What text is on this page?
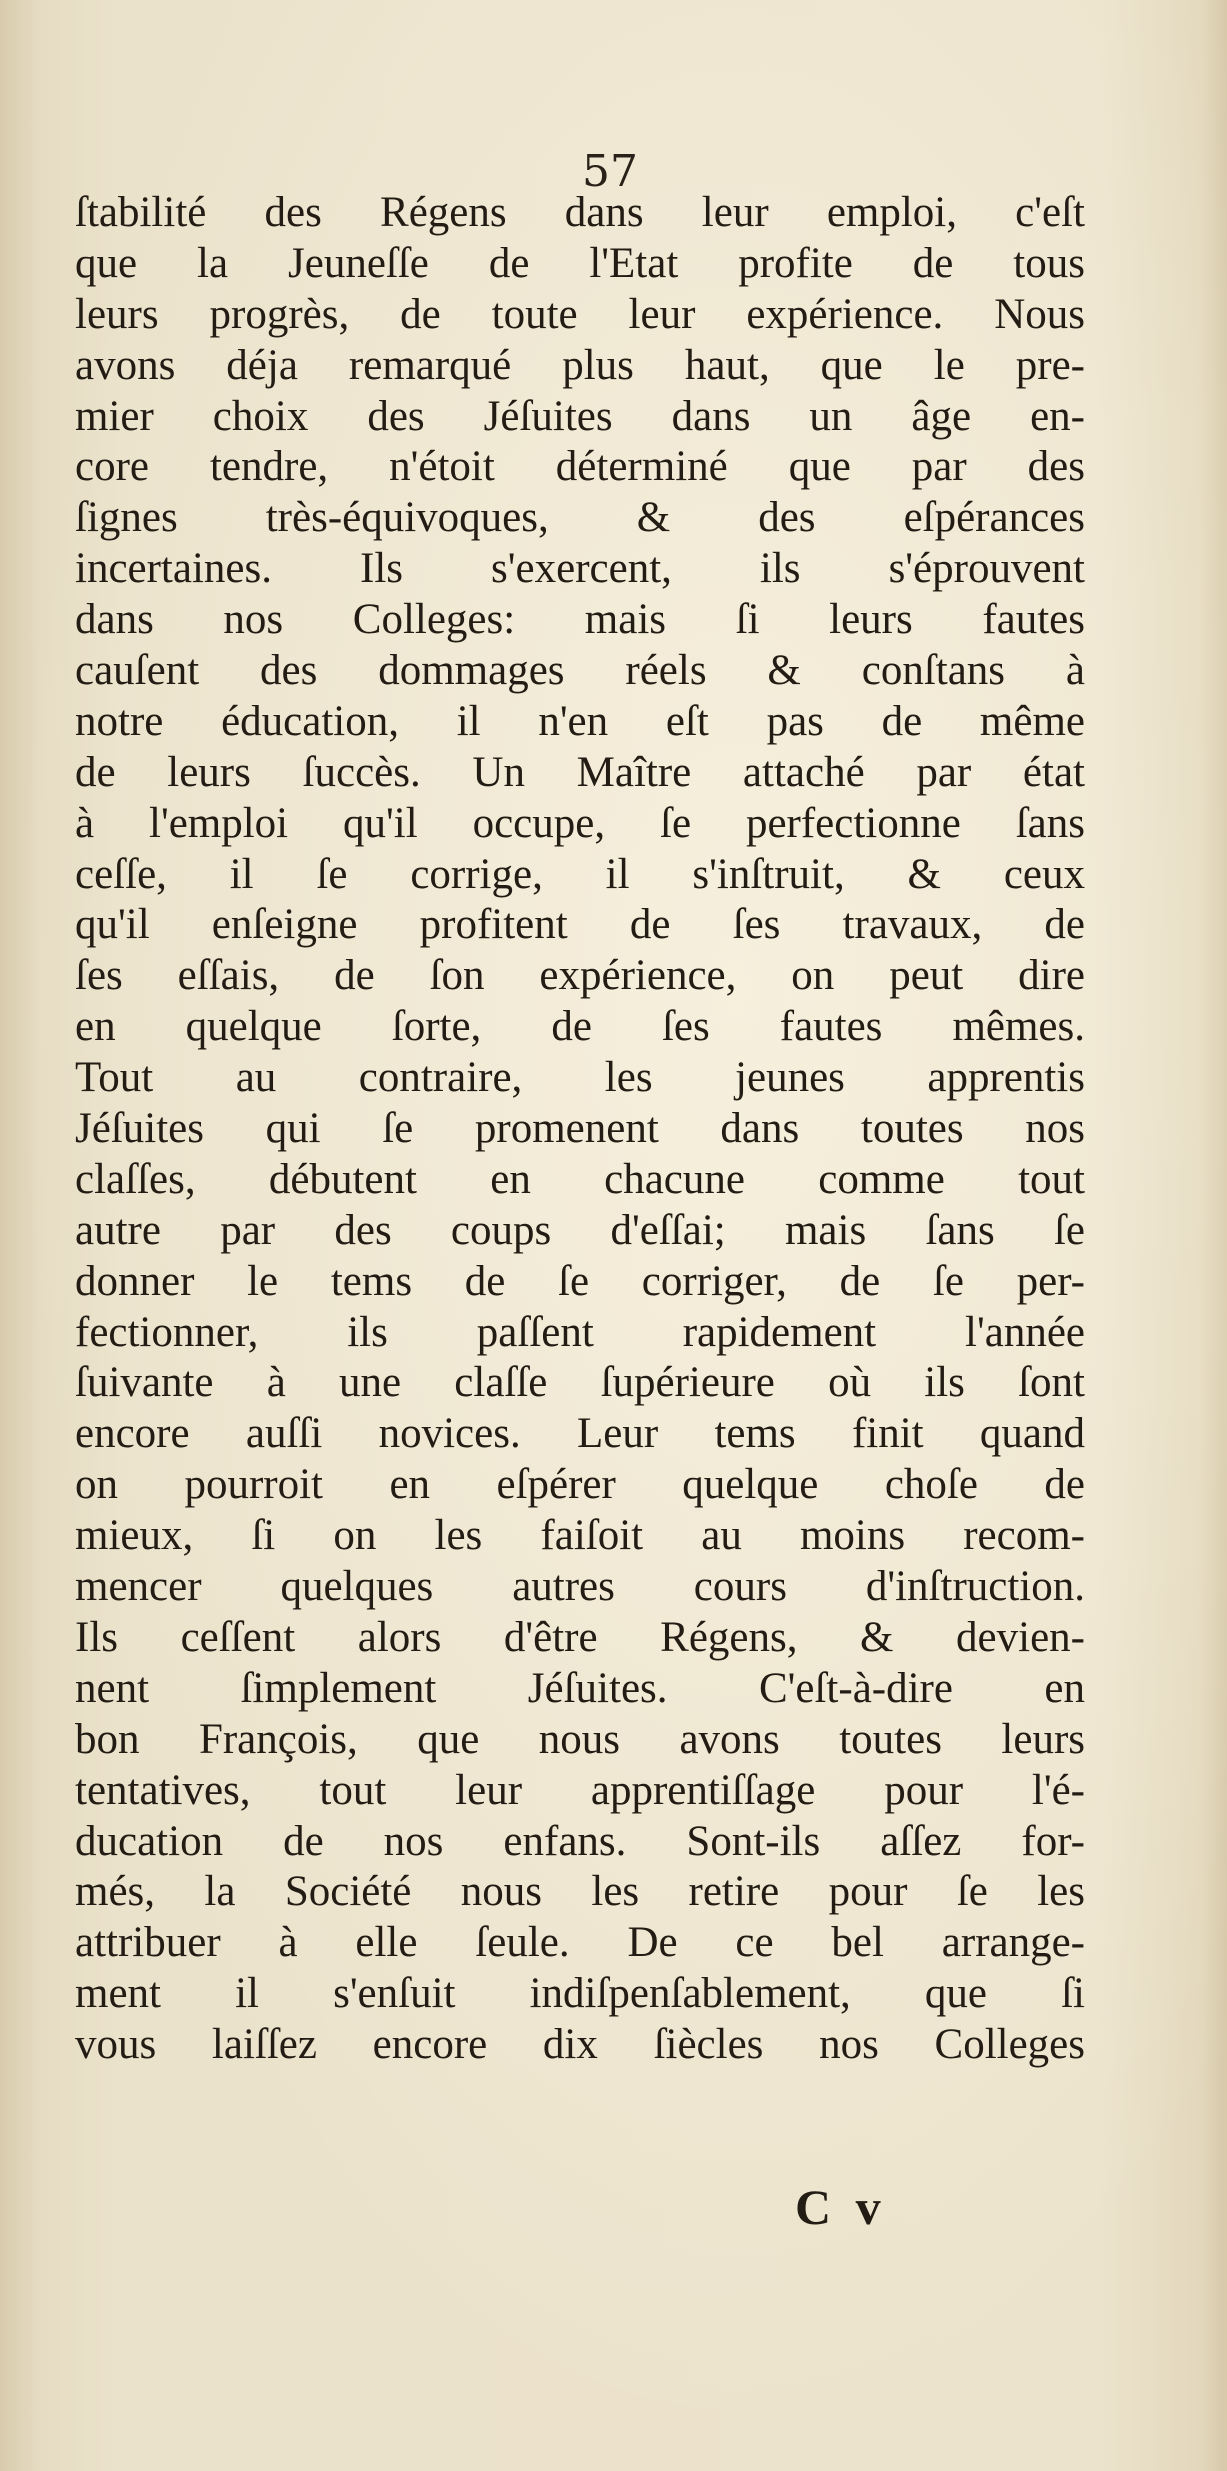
57
ſtabilité des Régens dans leur emploi, c'eſt
que la Jeuneſſe de l'Etat profite de tous
leurs progrès, de toute leur expérience. Nous
avons déja remarqué plus haut, que le pre-
mier choix des Jéſuites dans un âge en-
core tendre, n'étoit déterminé que par des
ſignes très-équivoques, & des eſpérances
incertaines. Ils s'exercent, ils s'éprouvent
dans nos Colleges: mais ſi leurs fautes
cauſent des dommages réels & conſtans à
notre éducation, il n'en eſt pas de même
de leurs ſuccès. Un Maître attaché par état
à l'emploi qu'il occupe, ſe perfectionne ſans
ceſſe, il ſe corrige, il s'inſtruit, & ceux
qu'il enſeigne profitent de ſes travaux, de
ſes eſſais, de ſon expérience, on peut dire
en quelque ſorte, de ſes fautes mêmes.
Tout au contraire, les jeunes apprentis
Jéſuites qui ſe promenent dans toutes nos
claſſes, débutent en chacune comme tout
autre par des coups d'eſſai; mais ſans ſe
donner le tems de ſe corriger, de ſe per-
fectionner, ils paſſent rapidement l'année
ſuivante à une claſſe ſupérieure où ils ſont
encore auſſi novices. Leur tems finit quand
on pourroit en eſpérer quelque choſe de
mieux, ſi on les faiſoit au moins recom-
mencer quelques autres cours d'inſtruction.
Ils ceſſent alors d'être Régens, & devien-
nent ſimplement Jéſuites. C'eſt-à-dire en
bon François, que nous avons toutes leurs
tentatives, tout leur apprentiſſage pour l'é-
ducation de nos enfans. Sont-ils aſſez for-
més, la Société nous les retire pour ſe les
attribuer à elle ſeule. De ce bel arrange-
ment il s'enſuit indiſpenſablement, que ſi
vous laiſſez encore dix ſiècles nos Colleges
C v
